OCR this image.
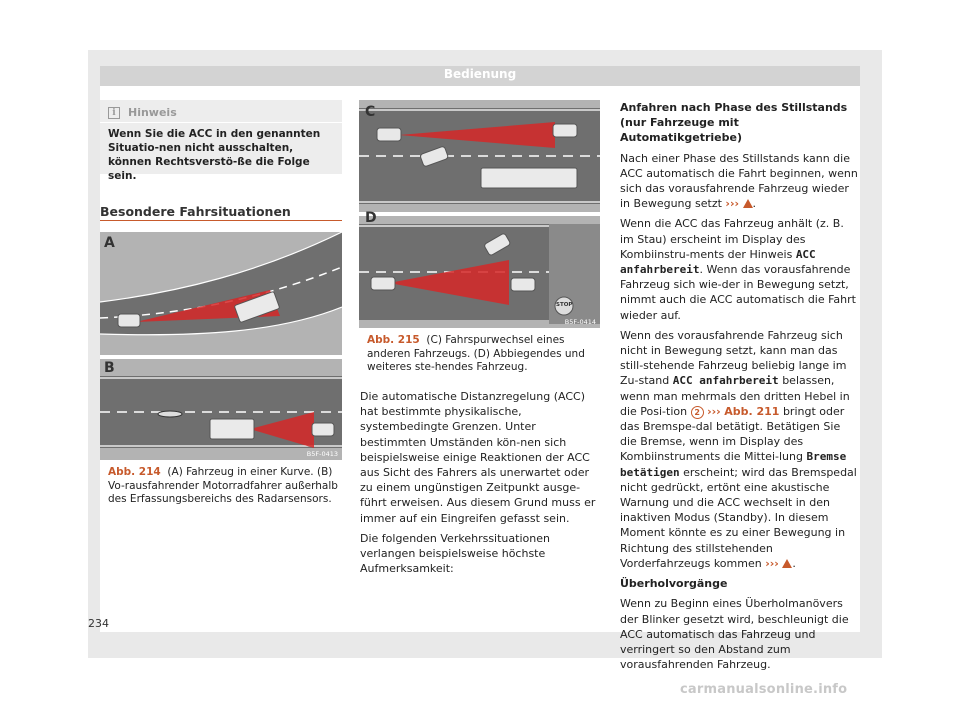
Bedienung
i	Hinweis
Wenn Sie die ACC in den genannten Situatio-nen nicht ausschalten, können Rechtsverstö-ße die Folge sein.
Besondere Fahrsituationen
A
B
B5F-0413
Abb. 214 (A) Fahrzeug in einer Kurve. (B) Vo-rausfahrender Motorradfahrer außerhalb des Erfassungsbereichs des Radarsensors.
C
D
STOP
B5F-0414
Abb. 215 (C) Fahrspurwechsel eines anderen Fahrzeugs. (D) Abbiegendes und weiteres ste-hendes Fahrzeug.

Die automatische Distanzregelung (ACC) hat bestimmte physikalische, systembedingte Grenzen. Unter bestimmten Umständen kön-nen sich beispielsweise einige Reaktionen der ACC aus Sicht des Fahrers als unerwartet oder zu einem ungünstigen Zeitpunkt ausge-führt erweisen. Aus diesem Grund muss er immer auf ein Eingreifen gefasst sein.

Die folgenden Verkehrssituationen verlangen beispielsweise höchste Aufmerksamkeit:

Anfahren nach Phase des Stillstands (nur Fahrzeuge mit Automatikgetriebe)

Nach einer Phase des Stillstands kann die ACC automatisch die Fahrt beginnen, wenn sich das vorausfahrende Fahrzeug wieder in Bewegung setzt ››› .

Wenn die ACC das Fahrzeug anhält (z. B. im Stau) erscheint im Display des Kombiinstru-ments der Hinweis ACC anfahrbereit. Wenn das vorausfahrende Fahrzeug sich wie-der in Bewegung setzt, nimmt auch die ACC automatisch die Fahrt wieder auf.

Wenn des vorausfahrende Fahrzeug sich nicht in Bewegung setzt, kann man das still-stehende Fahrzeug beliebig lange im Zu-stand ACC anfahrbereit belassen, wenn man mehrmals den dritten Hebel in die Posi-tion 2 ››› Abb. 211 bringt oder das Bremspe-dal betätigt. Betätigen Sie die Bremse, wenn im Display des Kombiinstruments die Mittei-lung Bremse betätigen erscheint; wird das Bremspedal nicht gedrückt, ertönt eine akustische Warnung und die ACC wechselt in den inaktiven Modus (Standby). In diesem Moment könnte es zu einer Bewegung in Richtung des stillstehenden Vorderfahrzeugs kommen ››› .

Überholvorgänge

Wenn zu Beginn eines Überholmanövers der Blinker gesetzt wird, beschleunigt die ACC automatisch das Fahrzeug und verringert so den Abstand zum vorausfahrenden Fahrzeug.

234
carmanualsonline.info
